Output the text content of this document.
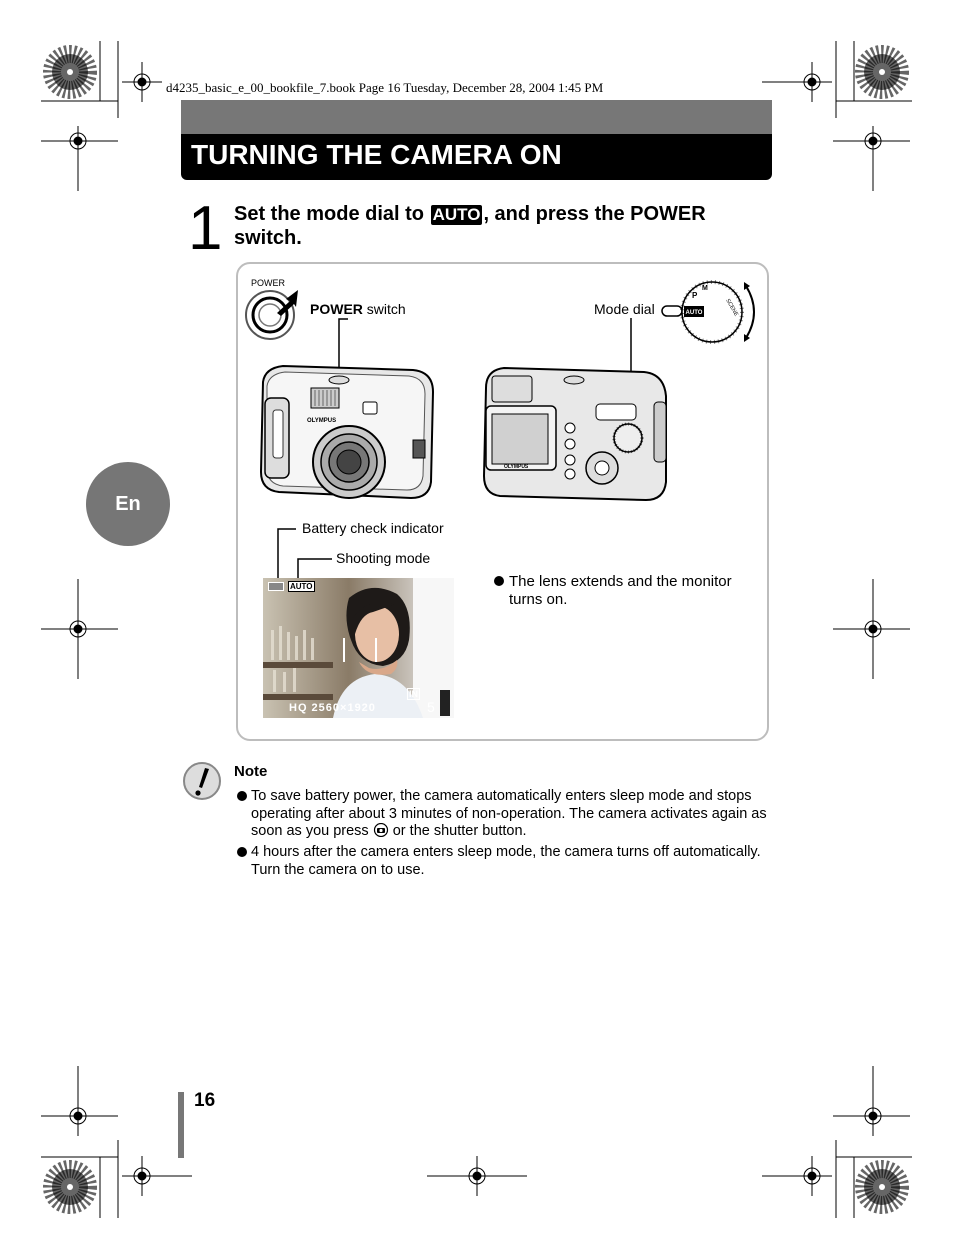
d4235_basic_e_00_bookfile_7.book Page 16 Tuesday, December 28, 2004 1:45 PM
TURNING THE CAMERA ON
En
1 Set the mode dial to AUTO , and press the POWER switch.
POWER
POWER switch	Mode dial	AUTO
P
M
SCENE
OLYMPUS
OLYMPUS
Battery check indicator
Shooting mode
AUTO
IN
HQ 2560×1920	5
The lens extends and the monitor turns on.
Note
To save battery power, the camera automatically enters sleep mode and stops operating after about 3 minutes of non-operation. The camera activates again as soon as you press  or the shutter button.
4 hours after the camera enters sleep mode, the camera turns off automatically. Turn the camera on to use.
16
